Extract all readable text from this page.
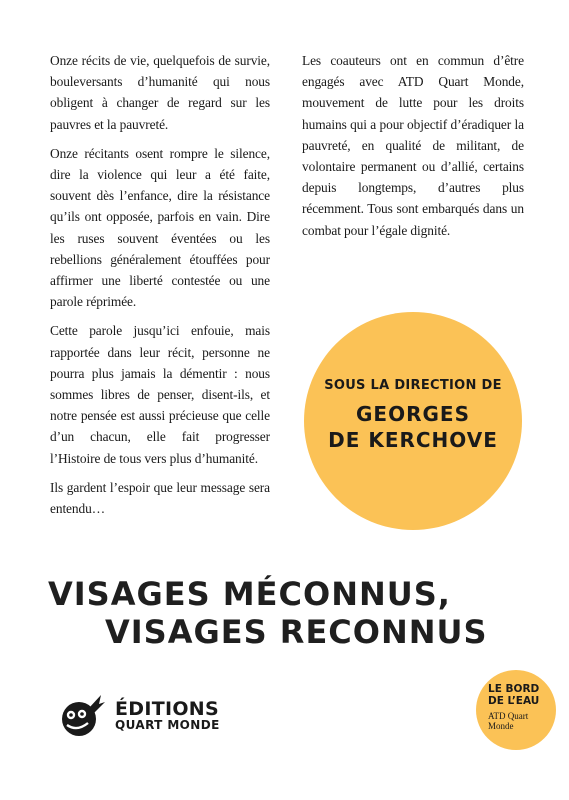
Onze récits de vie, quelquefois de survie, bouleversants d’humanité qui nous obligent à changer de regard sur les pauvres et la pauvreté.

Onze récitants osent rompre le silence, dire la violence qui leur a été faite, souvent dès l’enfance, dire la résistance qu’ils ont opposée, parfois en vain. Dire les ruses souvent éventées ou les rebellions généralement étouffées pour affirmer une liberté contestée ou une parole réprimée.

Cette parole jusqu’ici enfouie, mais rapportée dans leur récit, personne ne pourra plus jamais la démentir : nous sommes libres de penser, disent-ils, et notre pensée est aussi précieuse que celle d’un chacun, elle fait progresser l’Histoire de tous vers plus d’humanité.

Ils gardent l’espoir que leur message sera entendu…

Les coauteurs ont en commun d’être engagés avec ATD Quart Monde, mouvement de lutte pour les droits humains qui a pour objectif d’éradiquer la pauvreté, en qualité de militant, de volontaire permanent ou d’allié, certains depuis longtemps, d’autres plus récemment. Tous sont embarqués dans un combat pour l’égale dignité.

SOUS LA DIRECTION DE
GEORGES
DE KERCHOVE
VISAGES MÉCONNUS,
VISAGES RECONNUS
ÉDITIONS
QUART MONDE
LE BORD
DE L’EAU
ATD Quart
Monde
